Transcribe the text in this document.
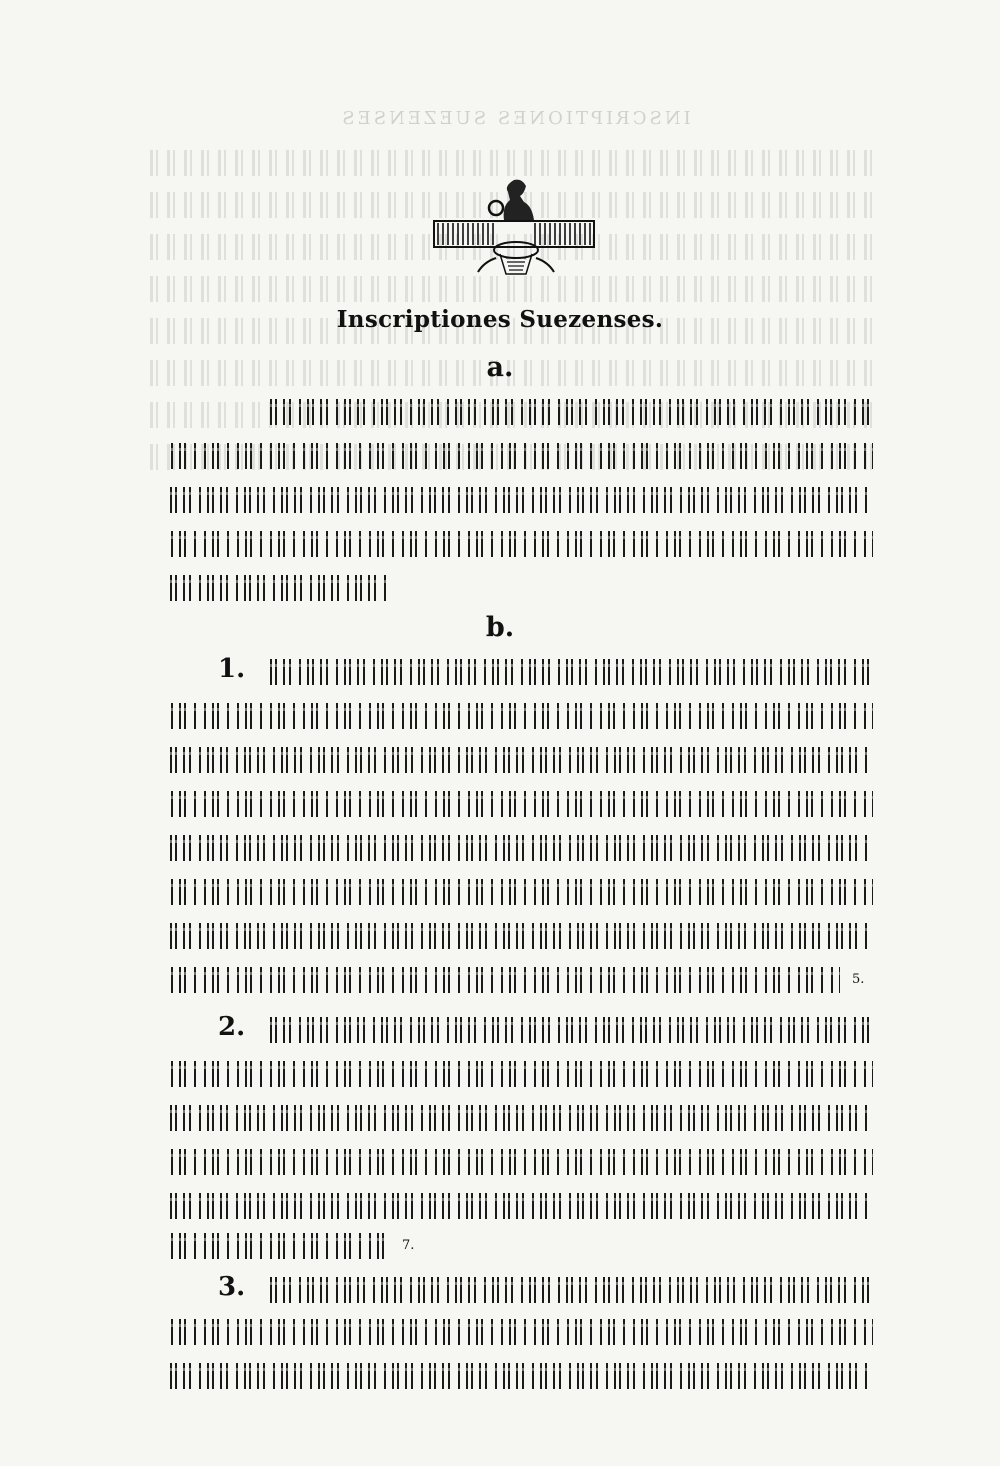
INSCRIPTIONES SUEZENSES
Inscriptiones Suezenses.
a.
b.
1.
5.
2.
7.
3.
